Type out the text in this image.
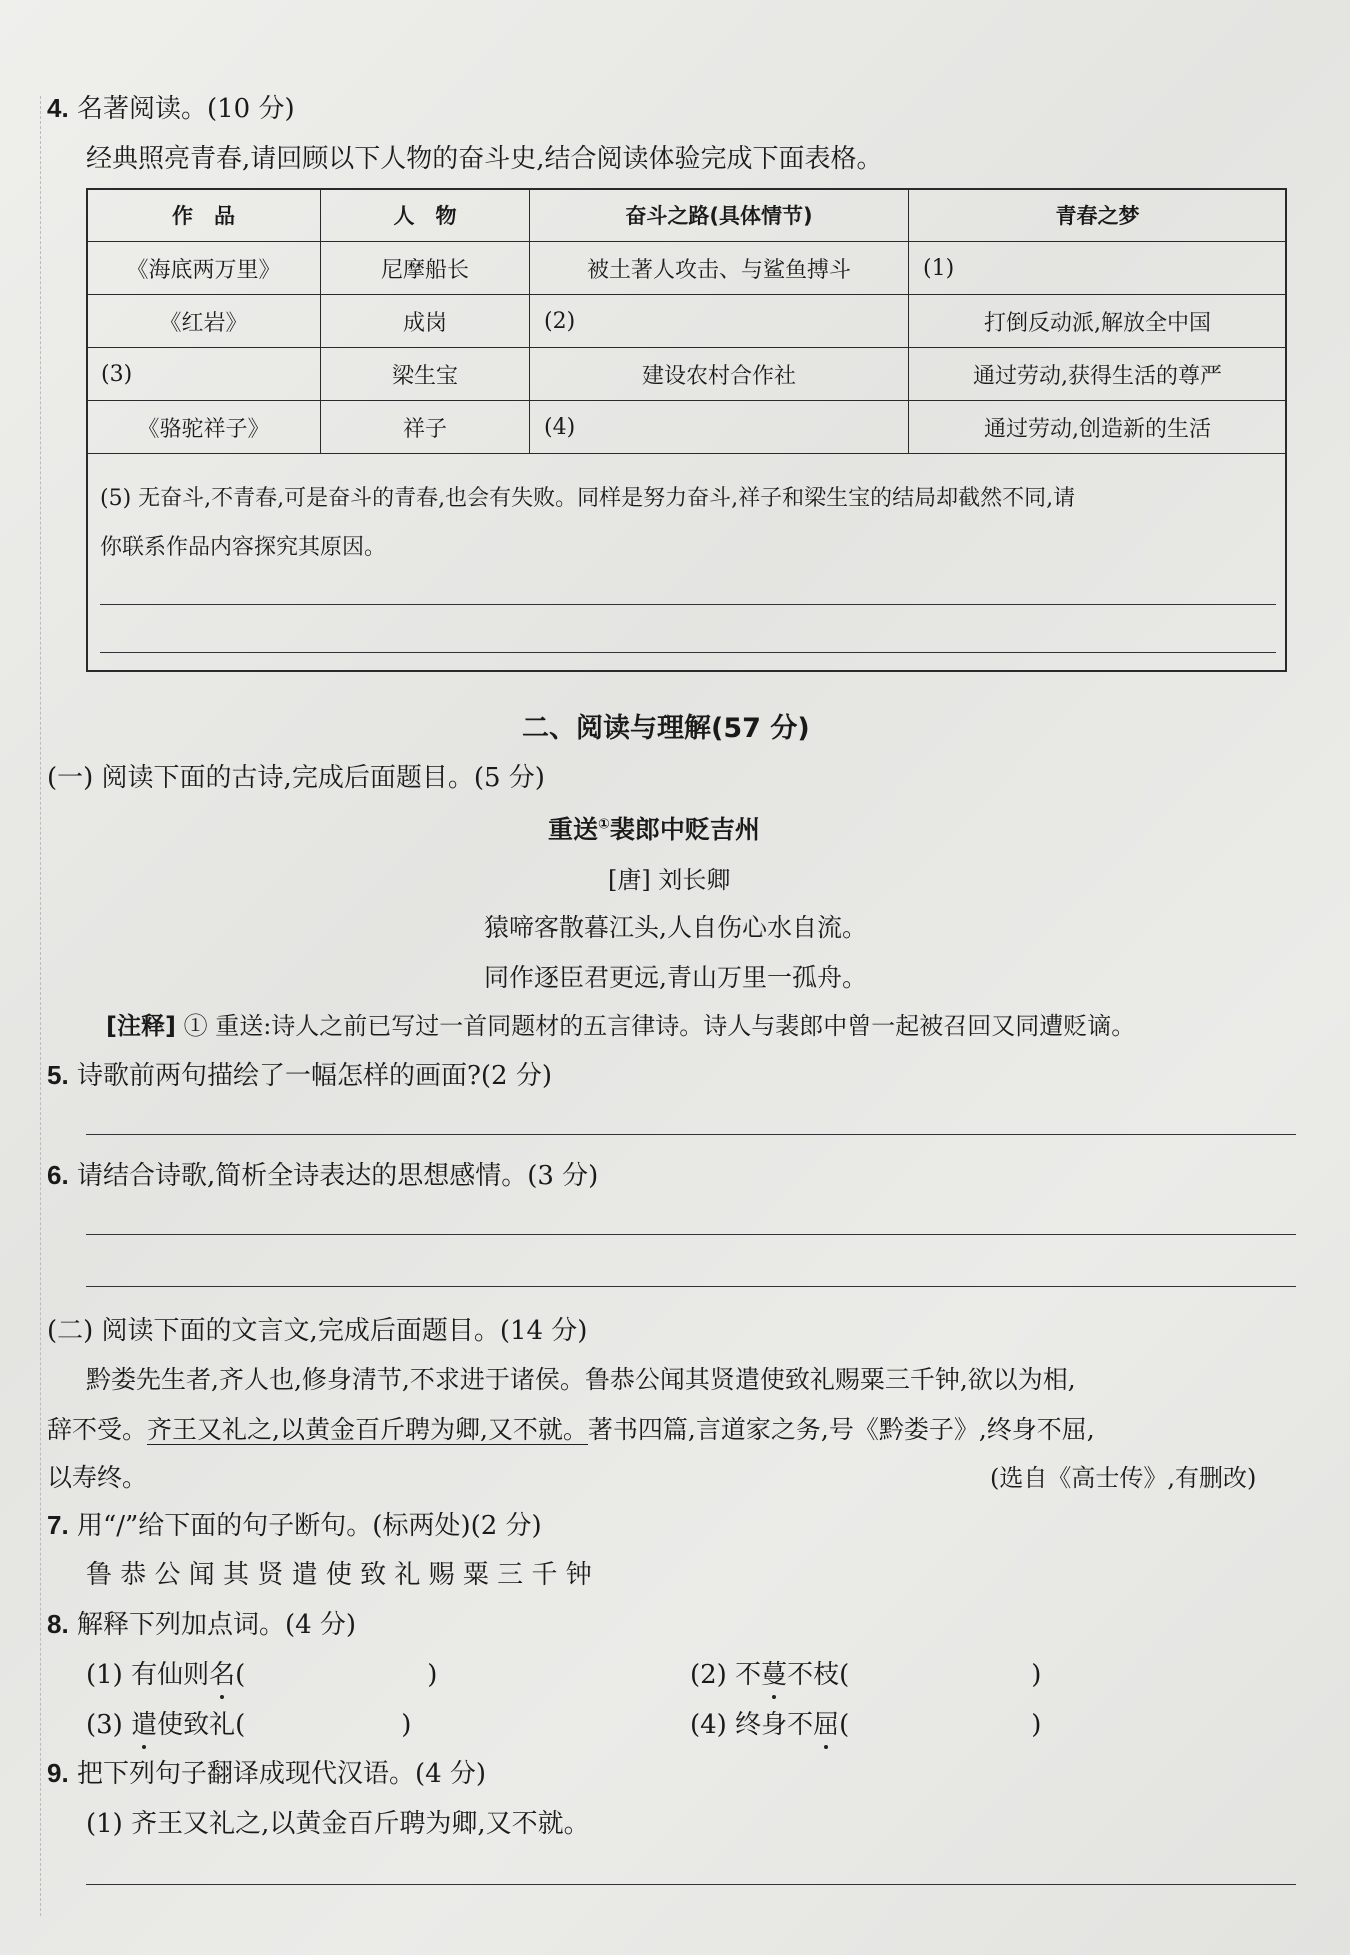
4. 名著阅读。(10 分)
经典照亮青春,请回顾以下人物的奋斗史,结合阅读体验完成下面表格。
作　品	人　物	奋斗之路(具体情节)	青春之梦
《海底两万里》	尼摩船长	被土著人攻击、与鲨鱼搏斗	(1)
《红岩》	成岗	(2)	打倒反动派,解放全中国
(3)	梁生宝	建设农村合作社	通过劳动,获得生活的尊严
《骆驼祥子》	祥子	(4)	通过劳动,创造新的生活
(5) 无奋斗,不青春,可是奋斗的青春,也会有失败。同样是努力奋斗,祥子和梁生宝的结局却截然不同,请
你联系作品内容探究其原因。
二、阅读与理解(57 分)
(一) 阅读下面的古诗,完成后面题目。(5 分)
重送①裴郎中贬吉州
[唐] 刘长卿
猿啼客散暮江头,人自伤心水自流。
同作逐臣君更远,青山万里一孤舟。
[注释] ① 重送:诗人之前已写过一首同题材的五言律诗。诗人与裴郎中曾一起被召回又同遭贬谪。
5. 诗歌前两句描绘了一幅怎样的画面?(2 分)
6. 请结合诗歌,简析全诗表达的思想感情。(3 分)
(二) 阅读下面的文言文,完成后面题目。(14 分)
黔娄先生者,齐人也,修身清节,不求进于诸侯。鲁恭公闻其贤遣使致礼赐粟三千钟,欲以为相,
辞不受。齐王又礼之,以黄金百斤聘为卿,又不就。著书四篇,言道家之务,号《黔娄子》,终身不屈,
以寿终。	(选自《高士传》,有删改)
7. 用“/”给下面的句子断句。(标两处)(2 分)
鲁 恭 公 闻 其 贤 遣 使 致 礼 赐 粟 三 千 钟
8. 解释下列加点词。(4 分)
(1) 有仙则名(　　　　　　　)	(2) 不蔓不枝(　　　　　　　)
(3) 遣使致礼(　　　　　　)	(4) 终身不屈(　　　　　　　)
9. 把下列句子翻译成现代汉语。(4 分)
(1) 齐王又礼之,以黄金百斤聘为卿,又不就。
